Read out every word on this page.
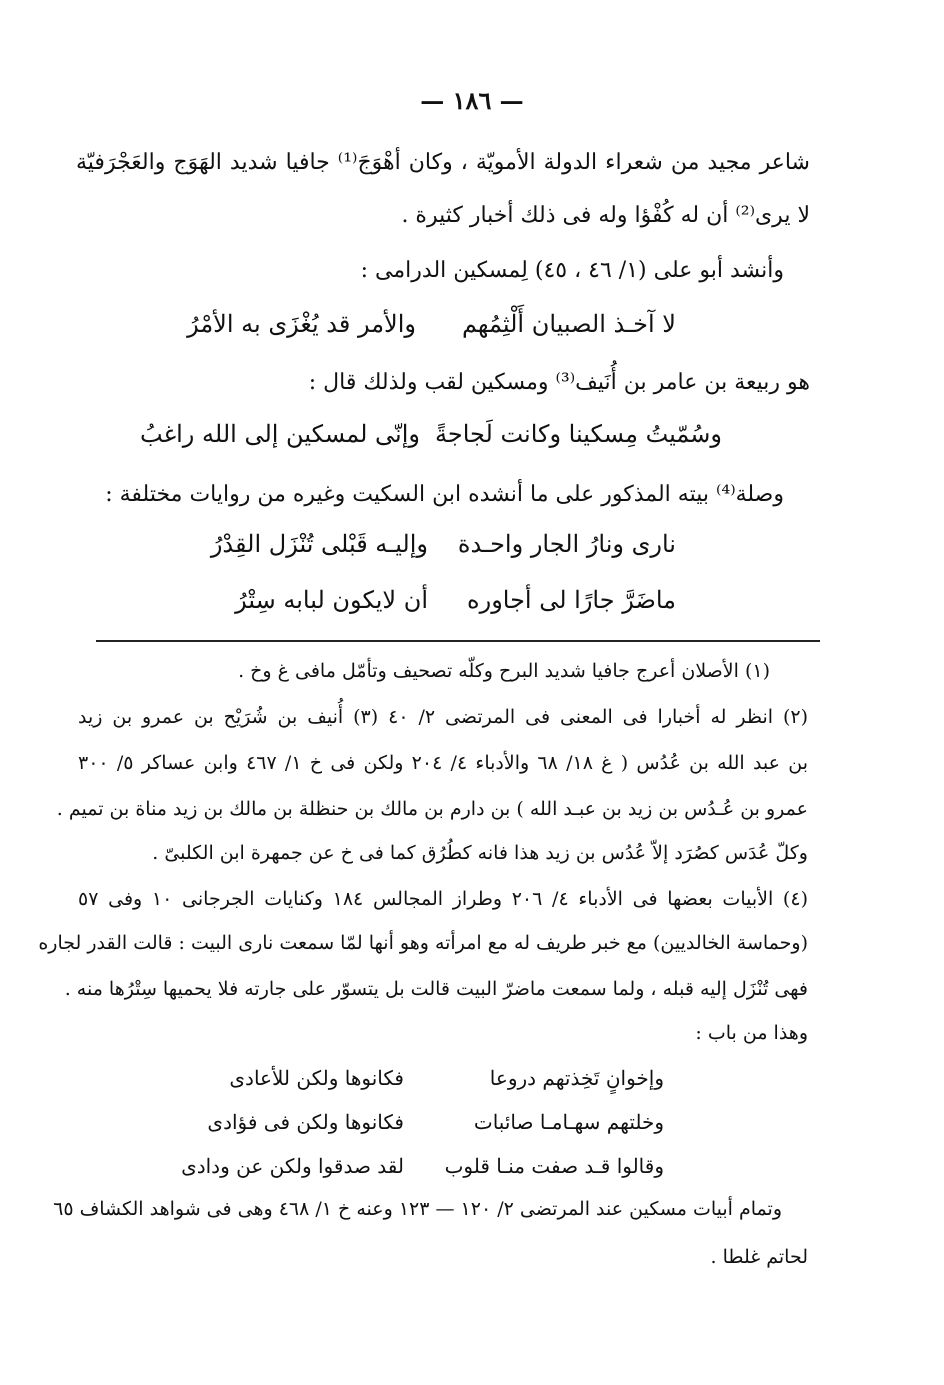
— ١٨٦ —
شاعر مجيد من شعراء الدولة الأمويّة ، وكان أهْوَجَ⁽¹⁾ جافيا شديد الهَوَج والعَجْرَفيّة
لا يرى⁽²⁾ أن له كُفْؤا وله فى ذلك أخبار كثيرة .
وأنشد أبو على (١/ ٤٦ ، ٤٥) لِمسكين الدرامى :
لا آخـذ الصبيان أَلْثِمُهم
والأمر قد يُغْزَى به الأمْرُ
هو ربيعة بن عامر بن أُنَيف⁽³⁾ ومسكين لقب ولذلك قال :
وسُمّيتُ مِسكينا وكانت لَجاجةً
وإنّى لمسكين إلى الله راغبُ
وصلة⁽⁴⁾ بيته المذكور على ما أنشده ابن السكيت وغيره من روايات مختلفة :
نارى ونارُ الجار واحـدة
وإليـه قَبْلى تُنْزَل القِدْرُ
ماضَرَّ جارًا لى أجاوره
أن لايكون لبابه سِتْرُ
(١) الأصلان أعرج جافيا شديد البرح وكلّه تصحيف وتأمّل مافى غ وخ .
(٢) انظر له أخبارا فى المعنى فى المرتضى ٢/ ٤٠ (٣) أُنيف بن شُرَيْح بن عمرو بن زيد
بن عبد الله بن عُدُس ( غ ١٨/ ٦٨ والأدباء ٤/ ٢٠٤ ولكن فى خ ١/ ٤٦٧ وابن عساكر ٥/ ٣٠٠
عمرو بن عُـدُس بن زيد بن عبـد الله ) بن دارم بن مالك بن حنظلة بن مالك بن زيد مناة بن تميم .
وكلّ عُدَس كصُرَد إلاّ عُدُس بن زيد هذا فانه كطُرُق كما فى خ عن جمهرة ابن الكلبىّ .
(٤) الأبيات بعضها فى الأدباء ٤/ ٢٠٦ وطراز المجالس ١٨٤ وكنايات الجرجانى ١٠ وفى ٥٧
(وحماسة الخالديين) مع خبر طريف له مع امرأته وهو أنها لمّا سمعت نارى البيت : قالت القدر لجاره
فهى تُنْزَل إليه قبله ، ولما سمعت ماضرّ البيت قالت بل يتسوّر على جارته فلا يحميها سِتْرُها منه .
وهذا من باب :
وإخوانٍ تَخِذتهم دروعا
فكانوها ولكن للأعادى
وخلتهم سهـامـا صائبات
فكانوها ولكن فى فؤادى
وقالوا قـد صفت منـا قلوب
لقد صدقوا ولكن عن ودادى
وتمام أبيات مسكين عند المرتضى ٢/ ١٢٠ — ١٢٣ وعنه خ ١/ ٤٦٨ وهى فى شواهد الكشاف ٦٥
لحاتم غلطا .
